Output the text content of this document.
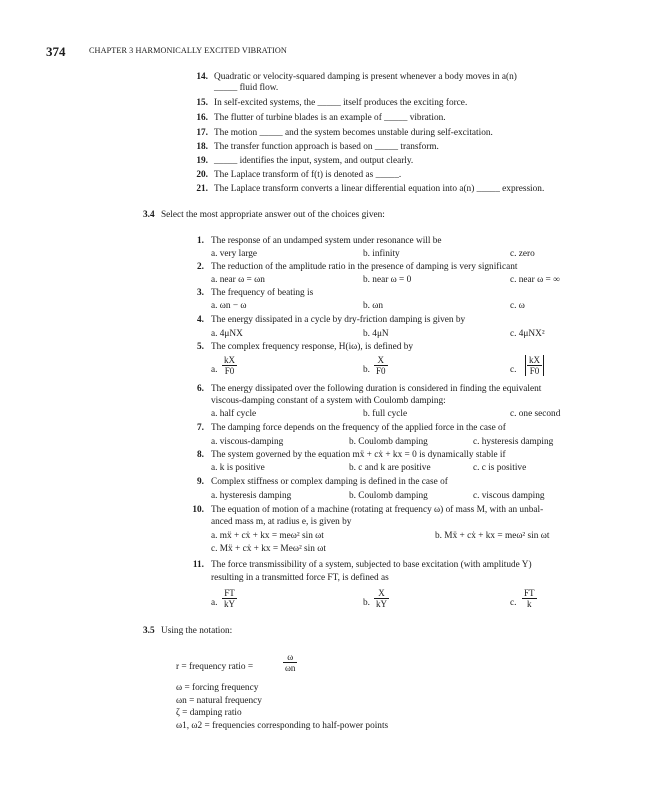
374	CHAPTER 3 HARMONICALLY EXCITED VIBRATION
14. Quadratic or velocity-squared damping is present whenever a body moves in a(n)
_____ fluid flow.
15. In self-excited systems, the _____ itself produces the exciting force.
16. The flutter of turbine blades is an example of _____ vibration.
17. The motion _____ and the system becomes unstable during self-excitation.
18. The transfer function approach is based on _____ transform.
19. _____ identifies the input, system, and output clearly.
20. The Laplace transform of f(t) is denoted as _____.
21. The Laplace transform converts a linear differential equation into a(n) _____ expression.
3.4 Select the most appropriate answer out of the choices given:
1. The response of an undamped system under resonance will be
a. very large	b. infinity	c. zero
2. The reduction of the amplitude ratio in the presence of damping is very significant
a. near ω = ωn	b. near ω = 0	c. near ω = ∞
3. The frequency of beating is
a. ωn − ω	b. ωn	c. ω
4. The energy dissipated in a cycle by dry-friction damping is given by
a. 4μNX	b. 4μN	c. 4μNX²
5. The complex frequency response, H(iω), is defined by
a. $\frac{kX}{F0}$	b. $\frac{X}{F0}$	c. $\frac{kX}{F0}$
6. The energy dissipated over the following duration is considered in finding the equivalent
viscous-damping constant of a system with Coulomb damping:
a. half cycle	b. full cycle	c. one second
7. The damping force depends on the frequency of the applied force in the case of
a. viscous-damping	b. Coulomb damping	c. hysteresis damping
8. The system governed by the equation mẍ + cẋ + kx = 0 is dynamically stable if
a. k is positive	b. c and k are positive	c. c is positive
9. Complex stiffness or complex damping is defined in the case of
a. hysteresis damping	b. Coulomb damping	c. viscous damping
10. The equation of motion of a machine (rotating at frequency ω) of mass M, with an unbal-
anced mass m, at radius e, is given by
a. mẍ + cẋ + kx = meω² sin ωt	b. Mẍ + cẋ + kx = meω² sin ωt
c. Mẍ + cẋ + kx = Meω² sin ωt
11. The force transmissibility of a system, subjected to base excitation (with amplitude Y)
resulting in a transmitted force FT, is defined as
a. $\frac{FT}{kY}$	b. $\frac{X}{kY}$	c. $\frac{FT}{k}$
3.5 Using the notation:
r = frequency ratio =	$\frac{\omega}{\omega n}$
ω = forcing frequency
ωn = natural frequency
ζ = damping ratio
ω1, ω2 = frequencies corresponding to half-power points
